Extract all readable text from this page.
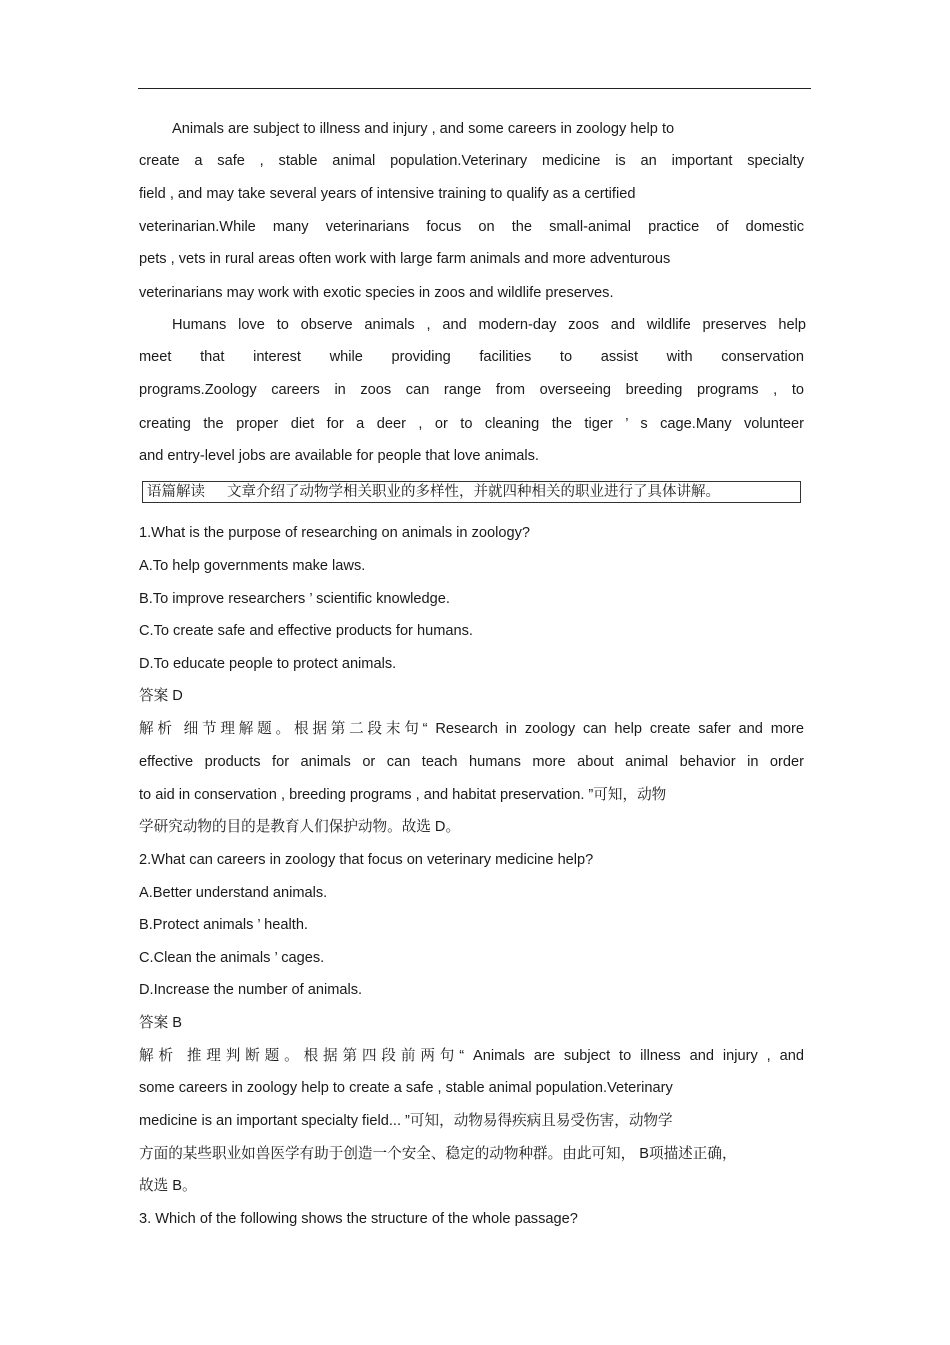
Animals are subject to illness and injury , and some careers in zoology help to
create a safe , stable animal population.Veterinary medicine is an important specialty
field , and may take several years of intensive training to qualify as a certified
veterinarian.While many veterinarians focus on the small-animal practice of domestic
pets , vets in rural areas often work with large farm animals and more adventurous
veterinarians may work with exotic species in zoos and wildlife preserves.
Humans love to observe animals , and modern-day zoos and wildlife preserves help
meet that interest while providing facilities to assist with conservation
programs.Zoology careers in zoos can range from overseeing breeding programs , to
creating the proper diet for a deer , or to cleaning the tiger ’ s cage.Many volunteer
and entry-level jobs are available for people that love animals.
语篇解读 文章介绍了动物学相关职业的多样性，并就四种相关的职业进行了具体讲解。
1.What is the purpose of researching on animals in zoology?
A.To help governments make laws.
B.To improve researchers ’ scientific knowledge.
C.To create safe and effective products for humans.
D.To educate people to protect animals.
答案 D
解析 细节理解题。根据第二段末句“ Research in zoology can help create safer and more
effective products for animals or can teach humans more about animal behavior in order
to aid in conservation , breeding programs , and habitat preservation. ”可知，动物
学研究动物的目的是教育人们保护动物。故选 D。
2.What can careers in zoology that focus on veterinary medicine help?
A.Better understand animals.
B.Protect animals ’ health.
C.Clean the animals ’ cages.
D.Increase the number of animals.
答案 B
解析 推理判断题。根据第四段前两句“ Animals are subject to illness and injury , and
some careers in zoology help to create a safe , stable animal population.Veterinary
medicine is an important specialty field... ”可知，动物易得疾病且易受伤害，动物学
方面的某些职业如兽医学有助于创造一个安全、稳定的动物种群。由此可知， B项描述正确，
故选 B。
3. Which of the following shows the structure of the whole passage?
